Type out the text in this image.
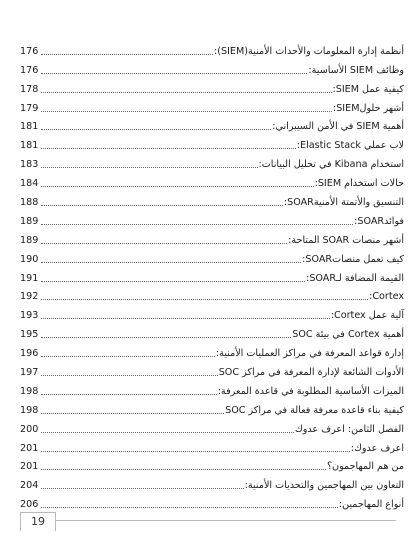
أنظمة إدارة المعلومات والأحداث الأمنية(SIEM):
176
وظائف SIEM الأساسية:
176
كيفية عمل SIEM:
178
أشهر حلولSIEM:
179
أهمية SIEM في الأمن السيبراني:
181
لاب عملي Elastic Stack:
181
استخدام Kibana في تحليل البيانات:
183
حالات استخدام SIEM:
184
التنسيق والأتمتة الأمنيةSOAR:
188
فوائدSOAR:
189
أشهر منصات SOAR المتاحة:
189
كيف تعمل منصاتSOAR:
190
القيمة المضافة لـSOAR:
191
Cortex:
192
آلية عمل Cortex:
193
أهمية Cortex في بيئة SOC
195
إدارة قواعد المعرفة في مراكز العمليات الأمنية:
196
الأدوات الشائعة لإدارة المعرفة في مراكز SOC
197
الميزات الأساسية المطلوبة في قاعدة المعرفة:
198
كيفية بناء قاعدة معرفة فعالة في مراكز SOC
198
الفصل الثامن: اعرف عدوك
200
اعرف عدوك:
201
من هم المهاجمون؟
201
التعاون بين المهاجمين والتحديات الأمنية:
204
أنواع المهاجمين:
206
19
